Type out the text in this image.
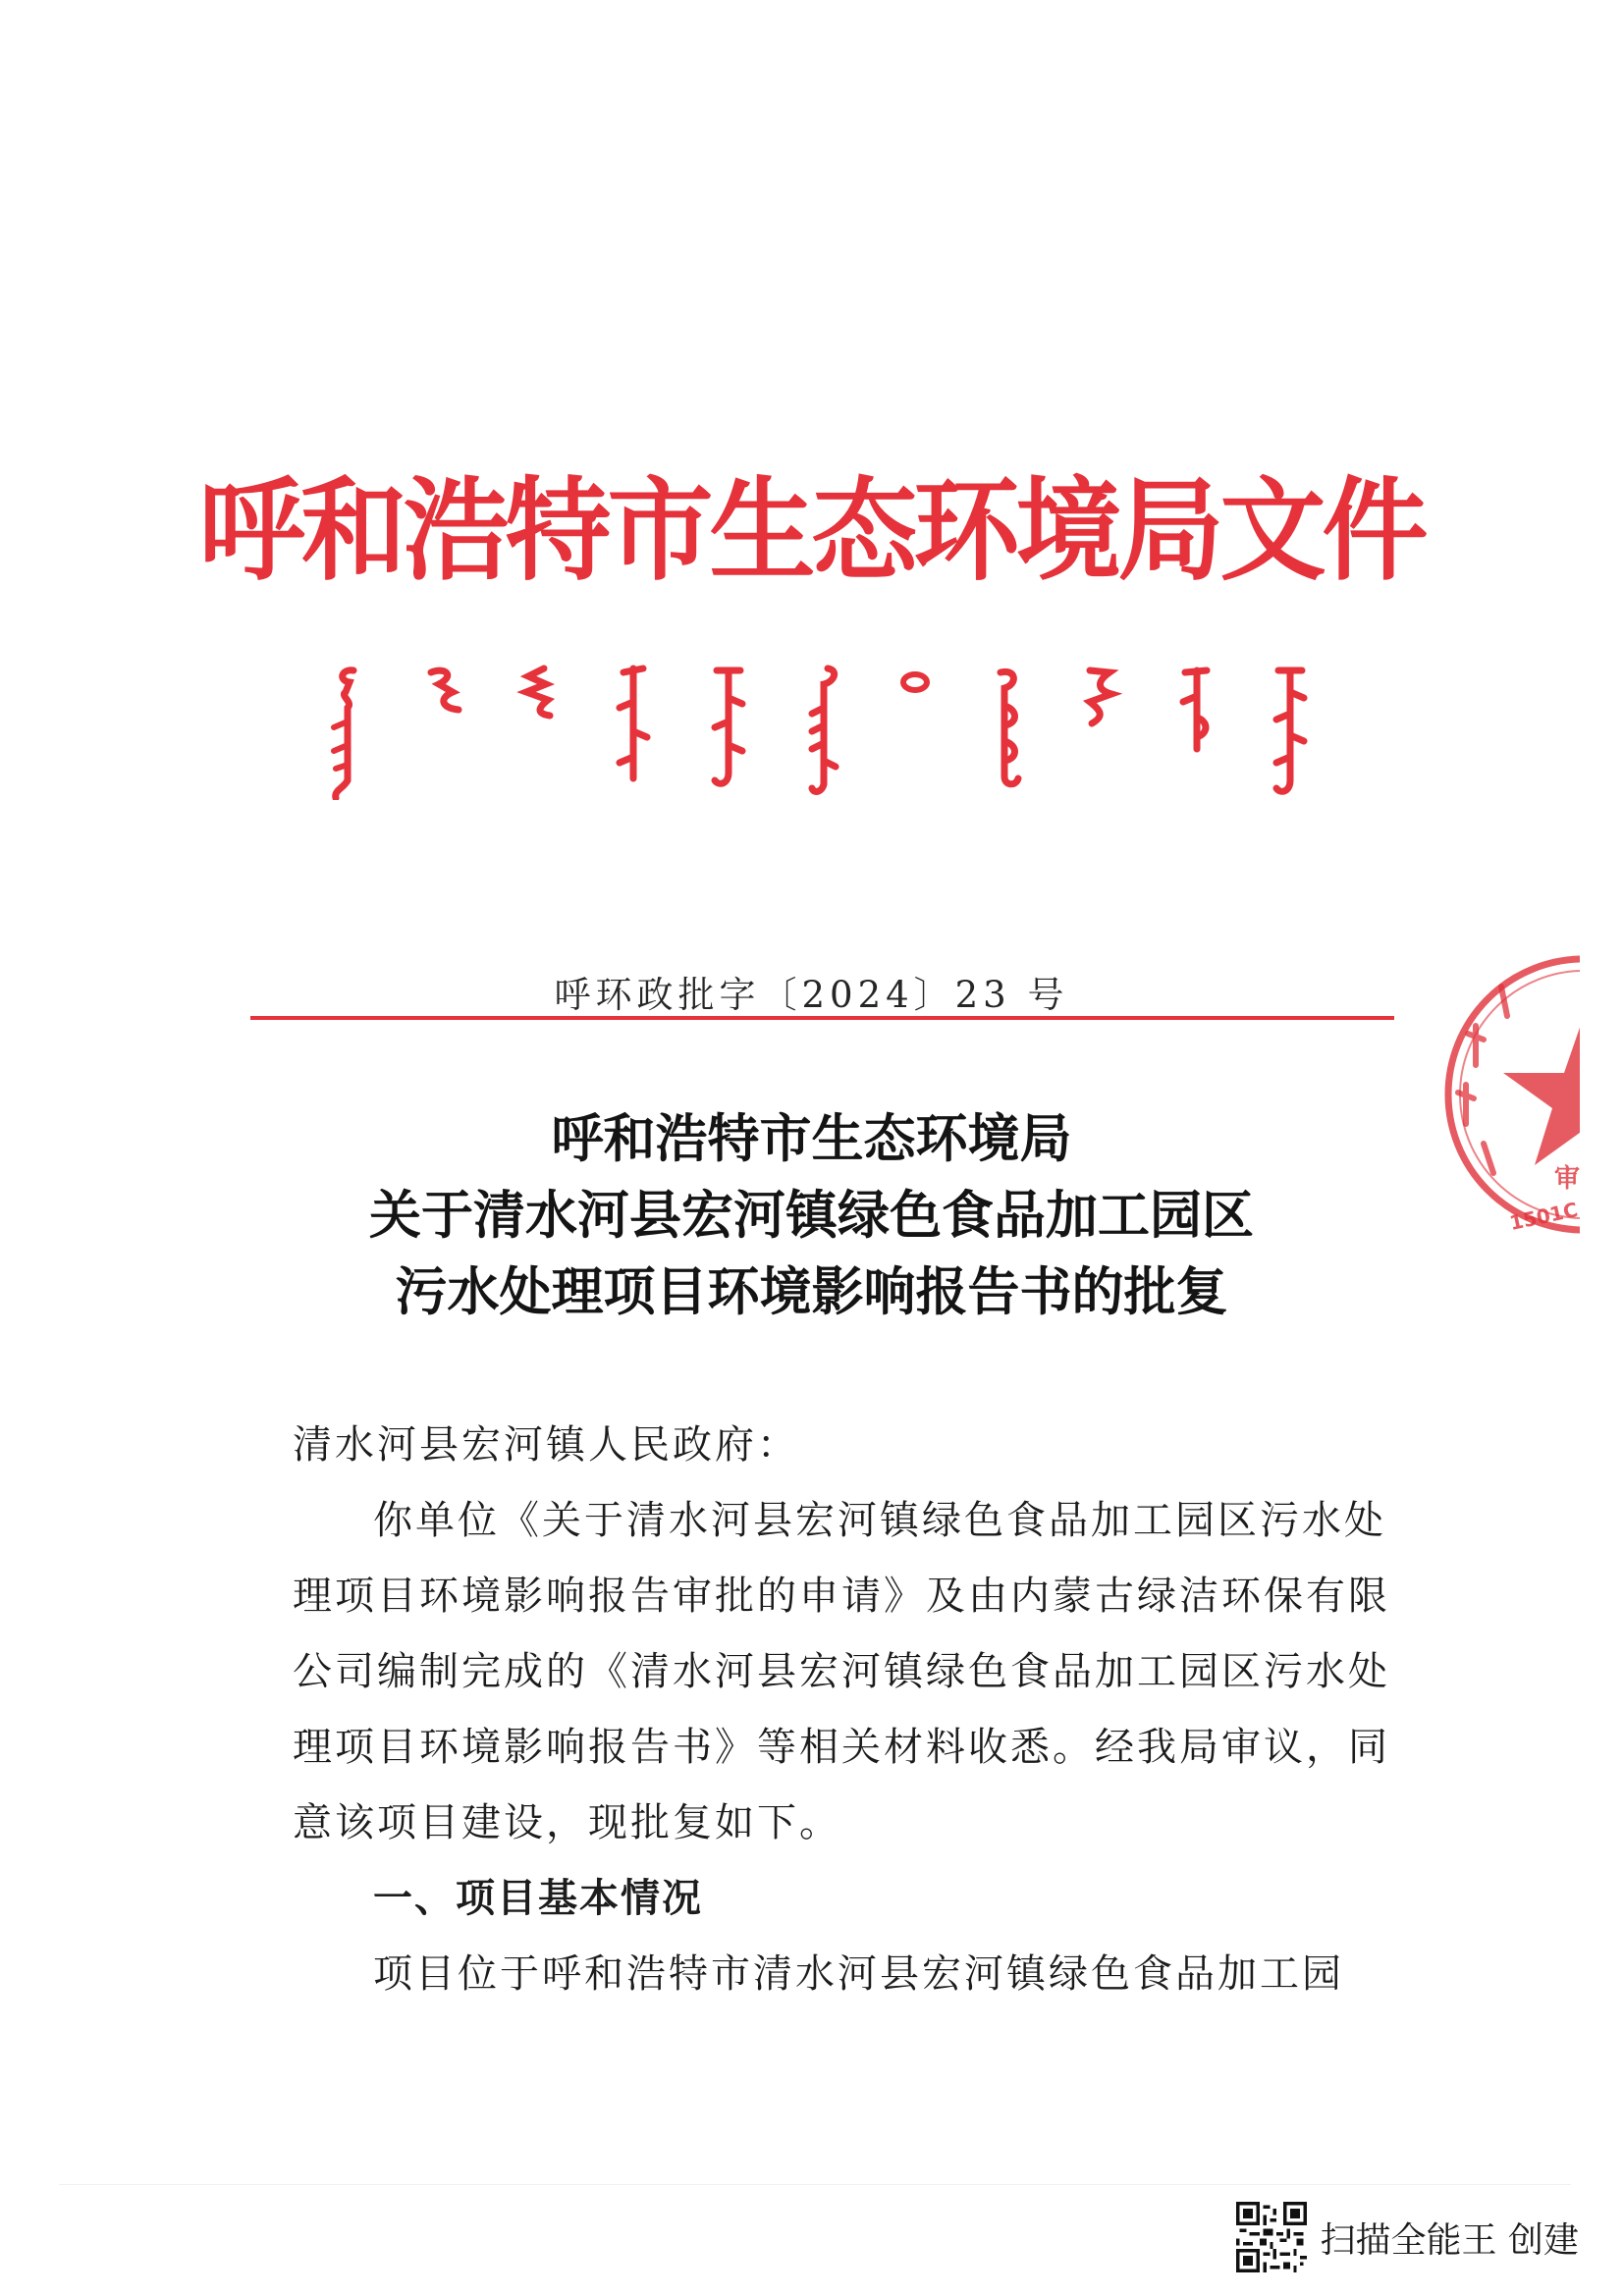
呼和浩特市生态环境局文件
呼环政批字〔2024〕23 号
审
1501C
呼和浩特市生态环境局
关于清水河县宏河镇绿色食品加工园区
污水处理项目环境影响报告书的批复

清水河县宏河镇人民政府：

你单位《关于清水河县宏河镇绿色食品加工园区污水处

理项目环境影响报告审批的申请》及由内蒙古绿洁环保有限

公司编制完成的《清水河县宏河镇绿色食品加工园区污水处

理项目环境影响报告书》等相关材料收悉。经我局审议，同

意该项目建设，现批复如下。

一、项目基本情况

项目位于呼和浩特市清水河县宏河镇绿色食品加工园

扫描全能王 创建
